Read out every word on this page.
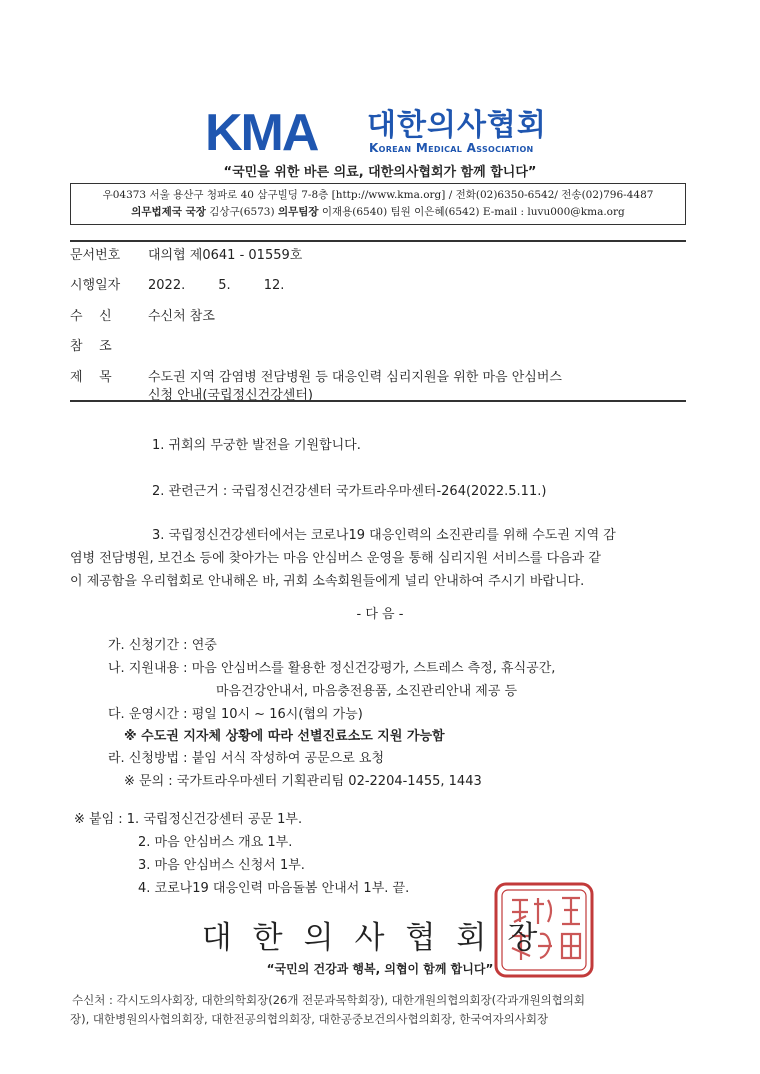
KMA 대한의사협회
Korean Medical Association
“국민을 위한 바른 의료, 대한의사협회가 함께 합니다”
우04373 서울 용산구 청파로 40 삼구빌딩 7-8층 [http://www.kma.org] / 전화(02)6350-6542/ 전송(02)796-4487
의무법제국 국장 김상구(6573) 의무팀장 이재용(6540) 팀원 이은혜(6542) E-mail : luvu000@kma.org
문서번호 대의협 제0641 - 01559호
시행일자 2022.        5.        12.
수    신	수신처 참조
참    조
제    목	수도권 지역 감염병 전담병원 등 대응인력 심리지원을 위한 마음 안심버스
신청 안내(국립정신건강센터)
1. 귀회의 무궁한 발전을 기원합니다.
2. 관련근거 : 국립정신건강센터 국가트라우마센터-264(2022.5.11.)
3. 국립정신건강센터에서는 코로나19 대응인력의 소진관리를 위해 수도권 지역 감
염병 전담병원, 보건소 등에 찾아가는 마음 안심버스 운영을 통해 심리지원 서비스를 다음과 같
이 제공함을 우리협회로 안내해온 바, 귀회 소속회원들에게 널리 안내하여 주시기 바랍니다.
- 다 음 -
가. 신청기간 : 연중
나. 지원내용 : 마음 안심버스를 활용한 정신건강평가, 스트레스 측정, 휴식공간,
마음건강안내서, 마음충전용품, 소진관리안내 제공 등
다. 운영시간 : 평일 10시 ~ 16시(협의 가능)
※ 수도권 지자체 상황에 따라 선별진료소도 지원 가능함
라. 신청방법 : 붙임 서식 작성하여 공문으로 요청
※ 문의 : 국가트라우마센터 기획관리팀 02-2204-1455, 1443
※ 붙임 : 1. 국립정신건강센터 공문 1부.
2. 마음 안심버스 개요 1부.
3. 마음 안심버스 신청서 1부.
4. 코로나19 대응인력 마음돌봄 안내서 1부. 끝.
대한의사협회장
“국민의 건강과 행복, 의협이 함께 합니다”
수신처 : 각시도의사회장, 대한의학회장(26개 전문과목학회장), 대한개원의협의회장(각과개원의협의회
장), 대한병원의사협의회장, 대한전공의협의회장, 대한공중보건의사협의회장, 한국여자의사회장
